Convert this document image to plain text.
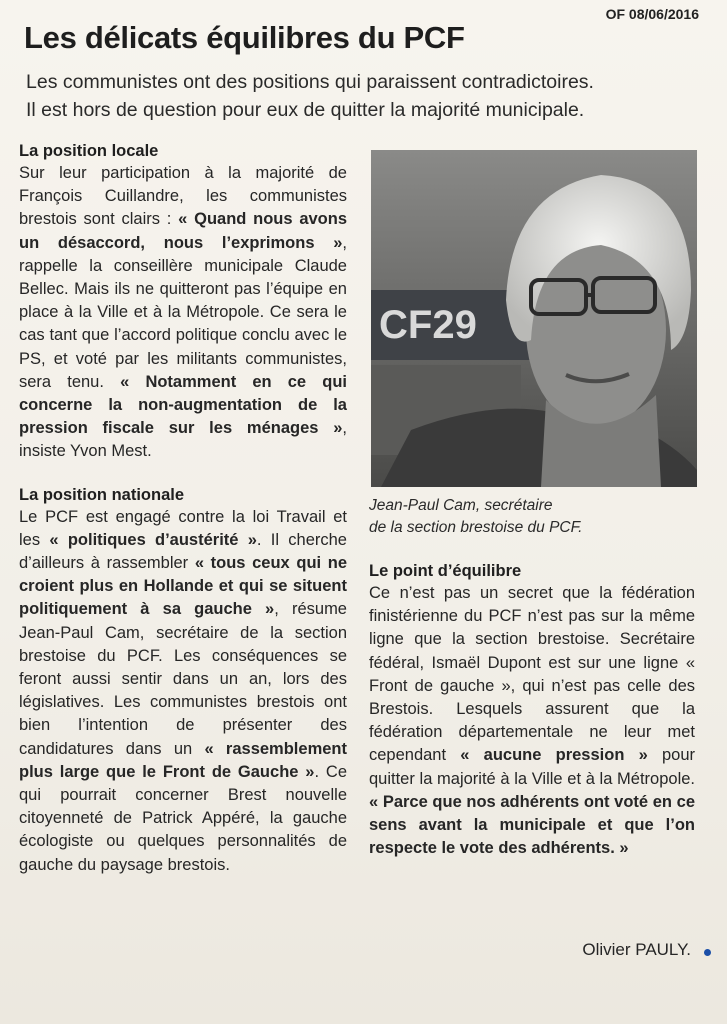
OF 08/06/2016
Les délicats équilibres du PCF

Les communistes ont des positions qui paraissent contradictoires.

Il est hors de question pour eux de quitter la majorité municipale.

La position locale

Sur leur participation à la majorité de François Cuillandre, les communistes brestois sont clairs : « Quand nous avons un désaccord, nous l’exprimons », rappelle la conseillère municipale Claude Bellec. Mais ils ne quitteront pas l’équipe en place à la Ville et à la Métropole. Ce sera le cas tant que l’accord politique conclu avec le PS, et voté par les militants communistes, sera tenu. « Notamment en ce qui concerne la non-augmentation de la pression fiscale sur les ménages », insiste Yvon Mest.

La position nationale

Le PCF est engagé contre la loi Travail et les « politiques d’austérité ». Il cherche d’ailleurs à rassembler « tous ceux qui ne croient plus en Hollande et qui se situent politiquement à sa gauche », résume Jean-Paul Cam, secrétaire de la section brestoise du PCF. Les conséquences se feront aussi sentir dans un an, lors des législatives. Les communistes brestois ont bien l’intention de présenter des candidatures dans un « rassemblement plus large que le Front de Gauche ». Ce qui pourrait concerner Brest nouvelle citoyenneté de Patrick Appéré, la gauche écologiste ou quelques personnalités de gauche du paysage brestois.

CF29

Jean-Paul Cam, secrétaire

de la section brestoise du PCF.

Le point d’équilibre

Ce n’est pas un secret que la fédération finistérienne du PCF n’est pas sur la même ligne que la section brestoise. Secrétaire fédéral, Ismaël Dupont est sur une ligne « Front de gauche », qui n’est pas celle des Brestois. Lesquels assurent que la fédération départementale ne leur met cependant « aucune pression » pour quitter la majorité à la Ville et à la Métropole. « Parce que nos adhérents ont voté en ce sens avant la municipale et que l’on respecte le vote des adhérents. »

Olivier PAULY.
